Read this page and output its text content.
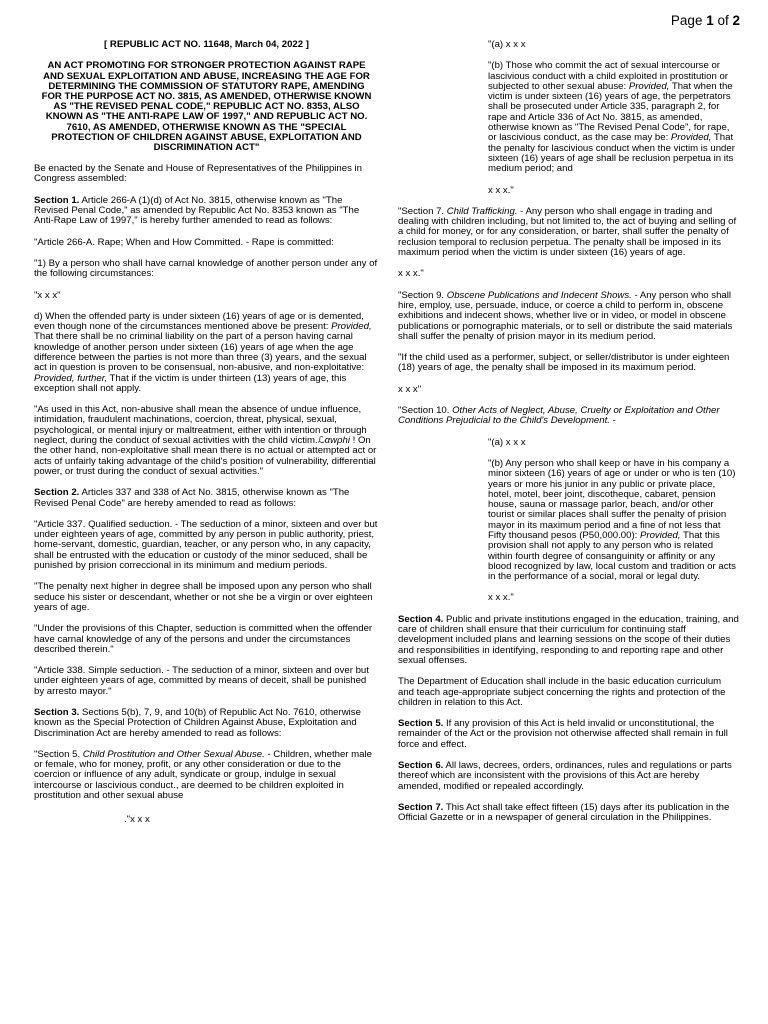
Page 1 of 2

[ REPUBLIC ACT NO. 11648, March 04, 2022 ]

AN ACT PROMOTING FOR STRONGER PROTECTION AGAINST RAPE AND SEXUAL EXPLOITATION AND ABUSE, INCREASING THE AGE FOR DETERMINING THE COMMISSION OF STATUTORY RAPE, AMENDING FOR THE PURPOSE ACT NO. 3815, AS AMENDED, OTHERWISE KNOWN AS "THE REVISED PENAL CODE," REPUBLIC ACT NO. 8353, ALSO KNOWN AS "THE ANTI-RAPE LAW OF 1997," AND REPUBLIC ACT NO. 7610, AS AMENDED, OTHERWISE KNOWN AS THE "SPECIAL PROTECTION OF CHILDREN AGAINST ABUSE, EXPLOITATION AND DISCRIMINATION ACT"

Be enacted by the Senate and House of Representatives of the Philippines in Congress assembled:

Section 1. Article 266-A (1)(d) of Act No. 3815, otherwise known as "The Revised Penal Code," as amended by Republic Act No. 8353 known as "The Anti-Rape Law of 1997," is hereby further amended to read as follows:

"Article 266-A. Rape; When and How Committed. - Rape is committed:

"1) By a person who shall have carnal knowledge of another person under any of the following circumstances:

"x x x"

d) When the offended party is under sixteen (16) years of age or is demented, even though none of the circumstances mentioned above be present: Provided, That there shall be no criminal liability on the part of a person having carnal knowledge of another person under sixteen (16) years of age when the age difference between the parties is not more than three (3) years, and the sexual act in question is proven to be consensual, non-abusive, and non-exploitative: Provided, further, That if the victim is under thirteen (13) years of age, this exception shall not apply.

"As used in this Act, non-abusive shall mean the absence of undue influence, intimidation, fraudulent machinations, coercion, threat, physical, sexual, psychological, or mental injury or maltreatment, either with intention or through neglect, during the conduct of sexual activities with the child victim.ℒαwρhi ! On the other hand, non-exploitative shall mean there is no actual or attempted act or acts of unfairly taking advantage of the child's position of vulnerability, differential power, or trust during the conduct of sexual activities."

Section 2. Articles 337 and 338 of Act No. 3815, otherwise known as "The Revised Penal Code" are hereby amended to read as follows:

"Article 337. Qualified seduction. - The seduction of a minor, sixteen and over but under eighteen years of age, committed by any person in public authority, priest, home-servant, domestic, guardian, teacher, or any person who, in any capacity, shall be entrusted with the education or custody of the minor seduced, shall be punished by prision correccional in its minimum and medium periods.

"The penalty next higher in degree shall be imposed upon any person who shall seduce his sister or descendant, whether or not she be a virgin or over eighteen years of age.

"Under the provisions of this Chapter, seduction is committed when the offender have carnal knowledge of any of the persons and under the circumstances described therein."

"Article 338. Simple seduction. - The seduction of a minor, sixteen and over but under eighteen years of age, committed by means of deceit, shall be punished by arresto mayor."

Section 3. Sections 5(b), 7, 9, and 10(b) of Republic Act No. 7610, otherwise known as the Special Protection of Children Against Abuse, Exploitation and Discrimination Act are hereby amended to read as follows:

"Section 5. Child Prostitution and Other Sexual Abuse. - Children, whether male or female, who for money, profit, or any other consideration or due to the coercion or influence of any adult, syndicate or group, indulge in sexual intercourse or lascivious conduct., are deemed to be children exploited in prostitution and other sexual abuse

."x x x

"(a) x x x

"(b) Those who commit the act of sexual intercourse or lascivious conduct with a child exploited in prostitution or subjected to other sexual abuse: Provided, That when the victim is under sixteen (16) years of age, the perpetrators shall be prosecuted under Article 335, paragraph 2, for rape and Article 336 of Act No. 3815, as amended, otherwise known as "The Revised Penal Code", for rape, or lascivious conduct, as the case may be: Provided, That the penalty for lascivious conduct when the victim is under sixteen (16) years of age shall be reclusion perpetua in its medium period; and

x x x."

"Section 7. Child Trafficking. - Any person who shall engage in trading and dealing with children including, but not limited to, the act of buying and selling of a child for money, or for any consideration, or barter, shall suffer the penalty of reclusion temporal to reclusion perpetua. The penalty shall be imposed in its maximum period when the victim is under sixteen (16) years of age.

x x x."

"Section 9. Obscene Publications and Indecent Shows. - Any person who shall hire, employ, use, persuade, induce, or coerce a child to perform in, obscene exhibitions and indecent shows, whether live or in video, or model in obscene publications or pornographic materials, or to sell or distribute the said materials shall suffer the penalty of prision mayor in its medium period.

"If the child used as a performer, subject, or seller/distributor is under eighteen (18) years of age, the penalty shall be imposed in its maximum period.

x x x"

"Section 10. Other Acts of Neglect, Abuse, Cruelty or Exploitation and Other Conditions Prejudicial to the Child's Development. -

"(a) x x x

"(b) Any person who shall keep or have in his company a minor sixteen (16) years of age or under or who is ten (10) years or more his junior in any public or private place, hotel, motel, beer joint, discotheque, cabaret, pension house, sauna or massage parlor, beach, and/or other tourist or similar places shall suffer the penalty of prision mayor in its maximum period and a fine of not less that Fifty thousand pesos (P50,000.00): Provided, That this provision shall not apply to any person who is related within fourth degree of consanguinity or affinity or any blood recognized by law, local custom and tradition or acts in the performance of a social, moral or legal duty.

x x x."

Section 4. Public and private institutions engaged in the education, training, and care of children shall ensure that their curriculum for continuing staff development included plans and learning sessions on the scope of their duties and responsibilities in identifying, responding to and reporting rape and other sexual offenses.

The Department of Education shall include in the basic education curriculum and teach age-appropriate subject concerning the rights and protection of the children in relation to this Act.

Section 5. If any provision of this Act is held invalid or unconstitutional, the remainder of the Act or the provision not otherwise affected shall remain in full force and effect.

Section 6. All laws, decrees, orders, ordinances, rules and regulations or parts thereof which are inconsistent with the provisions of this Act are hereby amended, modified or repealed accordingly.

Section 7. This Act shall take effect fifteen (15) days after its publication in the Official Gazette or in a newspaper of general circulation in the Philippines.
